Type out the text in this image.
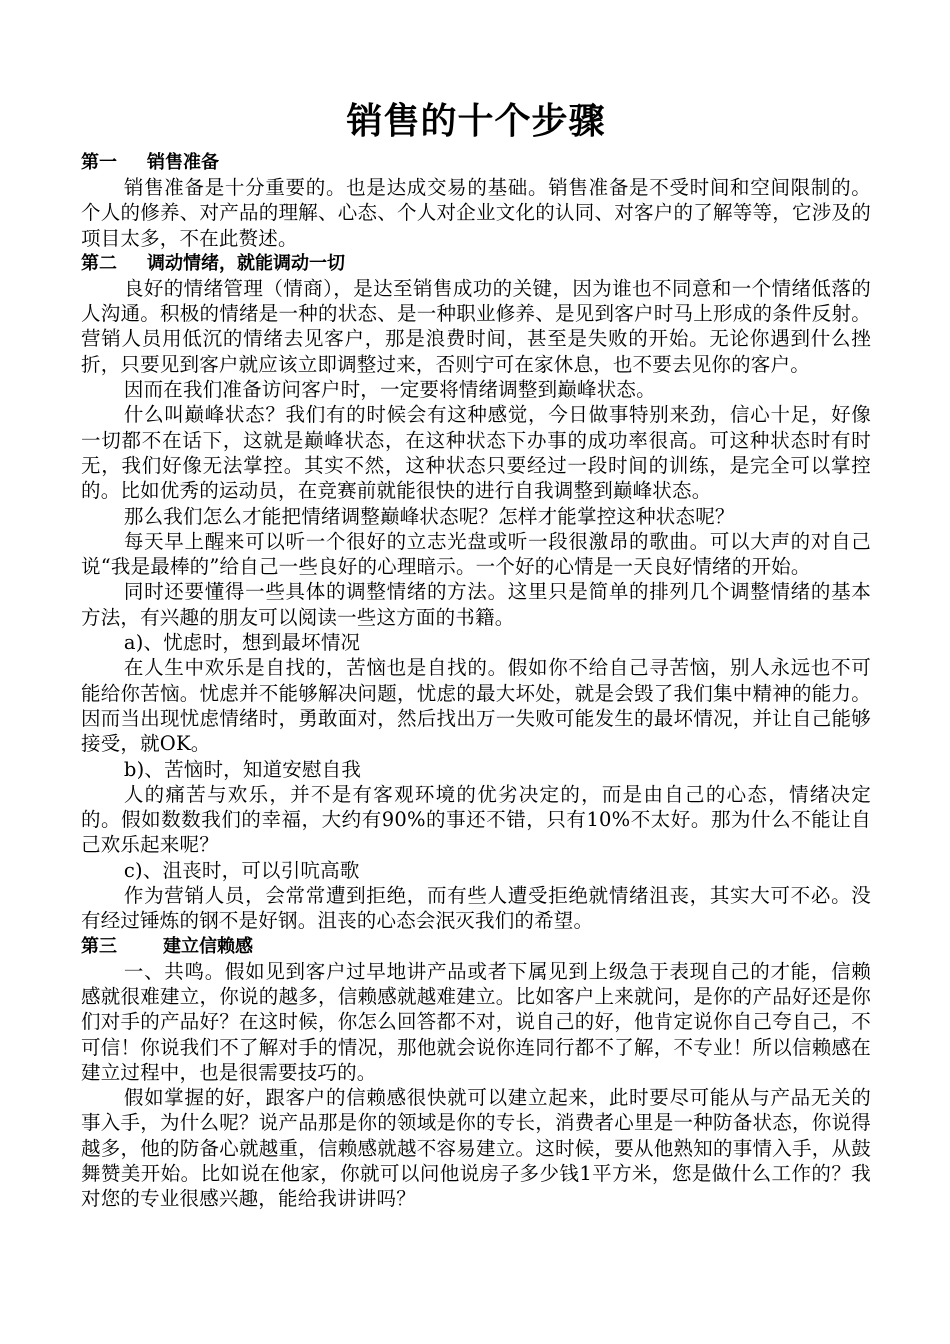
销售的十个步骤
第一 销售准备

销售准备是十分重要的。也是达成交易的基础。销售准备是不受时间和空间限制的。个人的修养、对产品的理解、心态、个人对企业文化的认同、对客户的了解等等，它涉及的项目太多，不在此赘述。

第二 调动情绪，就能调动一切

良好的情绪管理（情商），是达至销售成功的关键，因为谁也不同意和一个情绪低落的人沟通。积极的情绪是一种的状态、是一种职业修养、是见到客户时马上形成的条件反射。营销人员用低沉的情绪去见客户，那是浪费时间，甚至是失败的开始。无论你遇到什么挫折，只要见到客户就应该立即调整过来，否则宁可在家休息，也不要去见你的客户。

因而在我们准备访问客户时，一定要将情绪调整到巅峰状态。

什么叫巅峰状态？我们有的时候会有这种感觉，今日做事特别来劲，信心十足，好像一切都不在话下，这就是巅峰状态，在这种状态下办事的成功率很高。可这种状态时有时无，我们好像无法掌控。其实不然，这种状态只要经过一段时间的训练，是完全可以掌控的。比如优秀的运动员，在竞赛前就能很快的进行自我调整到巅峰状态。

那么我们怎么才能把情绪调整巅峰状态呢？怎样才能掌控这种状态呢？

每天早上醒来可以听一个很好的立志光盘或听一段很激昂的歌曲。可以大声的对自己说“我是最棒的”给自己一些良好的心理暗示。一个好的心情是一天良好情绪的开始。

同时还要懂得一些具体的调整情绪的方法。这里只是简单的排列几个调整情绪的基本方法，有兴趣的朋友可以阅读一些这方面的书籍。

a)、忧虑时，想到最坏情况

在人生中欢乐是自找的，苦恼也是自找的。假如你不给自己寻苦恼，别人永远也不可能给你苦恼。忧虑并不能够解决问题，忧虑的最大坏处，就是会毁了我们集中精神的能力。因而当出现忧虑情绪时，勇敢面对，然后找出万一失败可能发生的最坏情况，并让自己能够接受，就OK。

b)、苦恼时，知道安慰自我

人的痛苦与欢乐，并不是有客观环境的优劣决定的，而是由自己的心态，情绪决定的。假如数数我们的幸福，大约有90%的事还不错，只有10%不太好。那为什么不能让自己欢乐起来呢？

c)、沮丧时，可以引吭高歌

作为营销人员，会常常遭到拒绝，而有些人遭受拒绝就情绪沮丧，其实大可不必。没有经过锤炼的钢不是好钢。沮丧的心态会泯灭我们的希望。

第三	建立信赖感

一、共鸣。假如见到客户过早地讲产品或者下属见到上级急于表现自己的才能，信赖感就很难建立，你说的越多，信赖感就越难建立。比如客户上来就问，是你的产品好还是你们对手的产品好？在这时候，你怎么回答都不对，说自己的好，他肯定说你自己夸自己，不可信！你说我们不了解对手的情况，那他就会说你连同行都不了解，不专业！所以信赖感在建立过程中，也是很需要技巧的。

假如掌握的好，跟客户的信赖感很快就可以建立起来，此时要尽可能从与产品无关的事入手，为什么呢？说产品那是你的领域是你的专长，消费者心里是一种防备状态，你说得越多，他的防备心就越重，信赖感就越不容易建立。这时候，要从他熟知的事情入手，从鼓舞赞美开始。比如说在他家，你就可以问他说房子多少钱1平方米，您是做什么工作的？我对您的专业很感兴趣，能给我讲讲吗？
